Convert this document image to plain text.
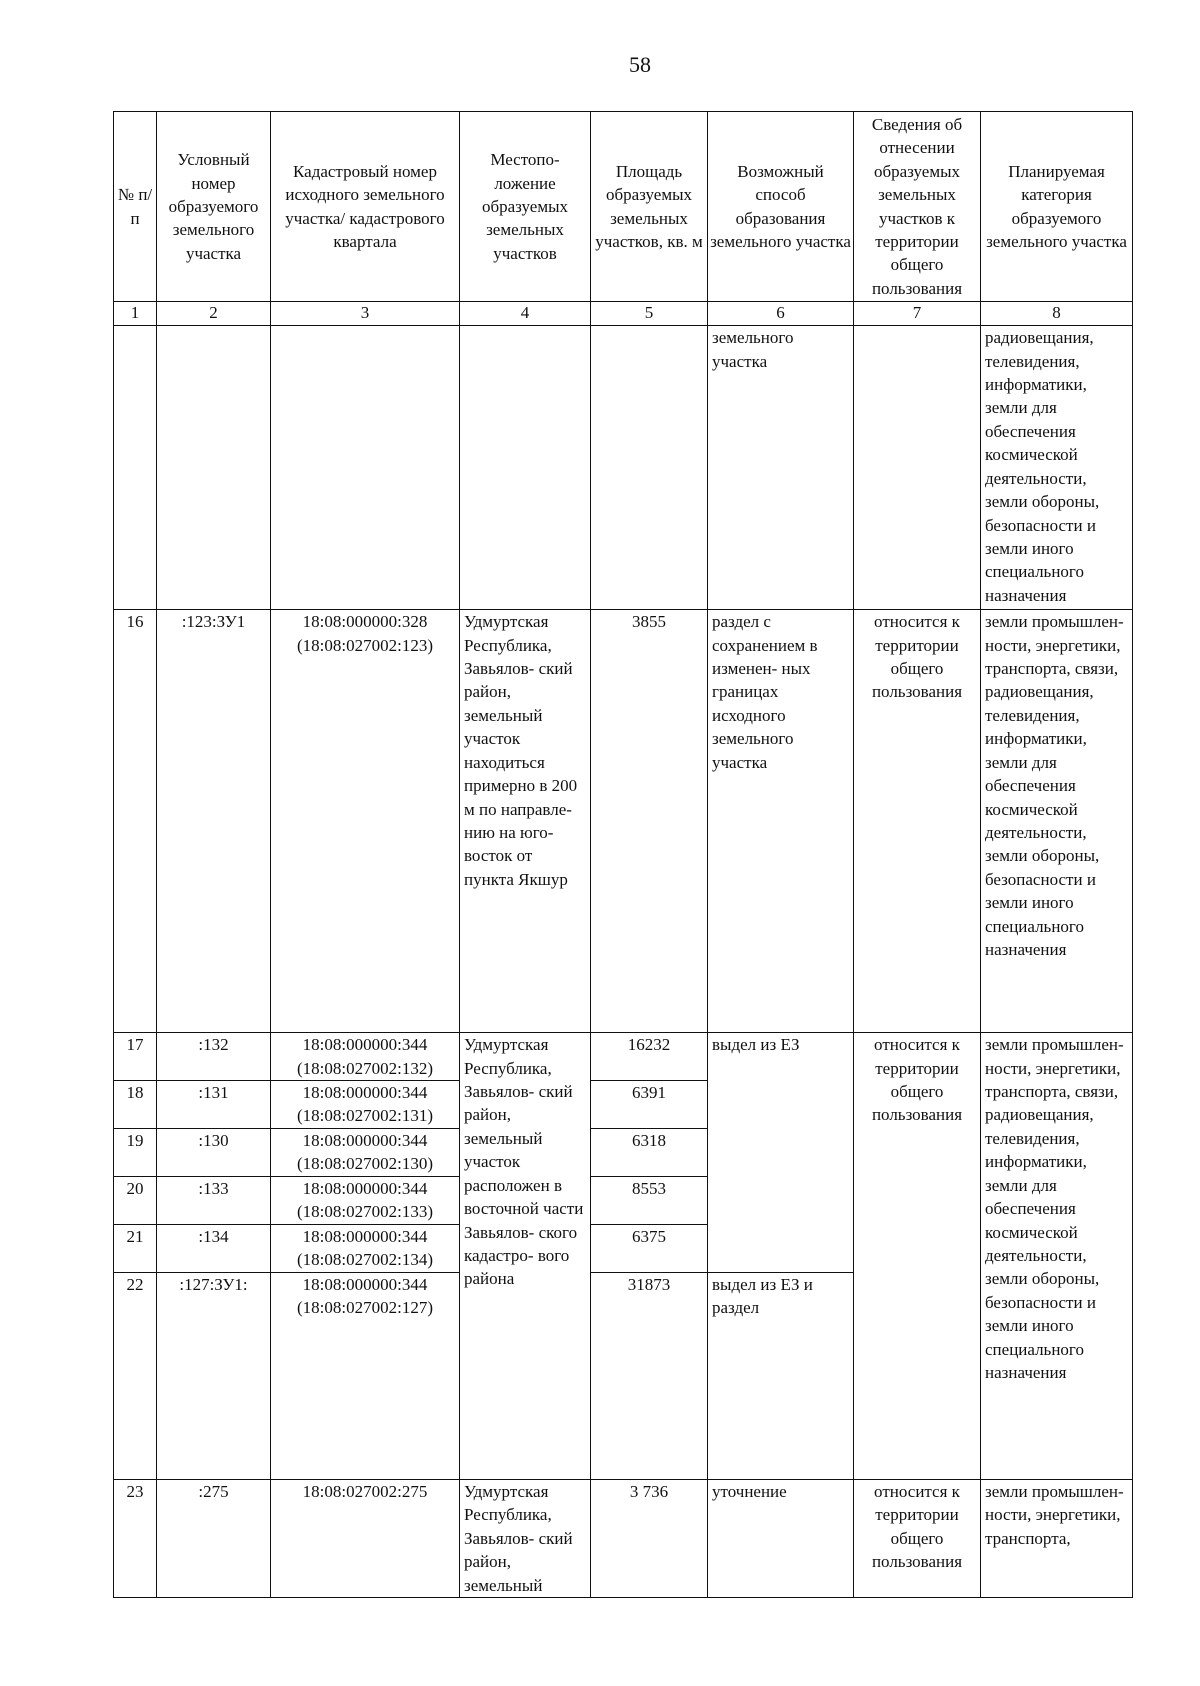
58
№ п/п	Условный номер образуемого земельного участка	Кадастровый номер исходного земельного участка/ кадастрового квартала	Местопо- ложение образуемых земельных участков	Площадь образуемых земельных участков, кв. м	Возможный способ образования земельного участка	Сведения об отнесении образуемых земельных участков к территории общего пользования	Планируемая категория образуемого земельного участка
1	2	3	4	5	6	7	8
					земельного участка		радиовещания, телевидения, информатики, земли для обеспечения космической деятельности, земли обороны, безопасности и земли иного специального назначения
16	:123:ЗУ1	18:08:000000:328 (18:08:027002:123)	Удмуртская Республика, Завьялов- ский район, земельный участок находиться примерно в 200 м по направле- нию на юго- восток от пункта Якшур	3855	раздел с сохранением в изменен- ных границах исходного земельного участка	относится к территории общего пользования	земли промышлен- ности, энергетики, транспорта, связи, радиовещания, телевидения, информатики, земли для обеспечения космической деятельности, земли обороны, безопасности и земли иного специального назначения
17	:132	18:08:000000:344 (18:08:027002:132)	Удмуртская Республика, Завьялов- ский район, земельный участок расположен в восточной части Завьялов- ского кадастро- вого района	16232	выдел из ЕЗ	относится к территории общего пользования	земли промышлен- ности, энергетики, транспорта, связи, радиовещания, телевидения, информатики, земли для обеспечения космической деятельности, земли обороны, безопасности и земли иного специального назначения
18	:131	18:08:000000:344 (18:08:027002:131)		6391			
19	:130	18:08:000000:344 (18:08:027002:130)		6318			
20	:133	18:08:000000:344 (18:08:027002:133)		8553			
21	:134	18:08:000000:344 (18:08:027002:134)		6375			
22	:127:ЗУ1:	18:08:000000:344 (18:08:027002:127)		31873	выдел из ЕЗ и раздел		
23	:275	18:08:027002:275	Удмуртская Республика, Завьялов- ский район, земельный	3 736	уточнение	относится к территории общего пользования	земли промышлен- ности, энергетики, транспорта,
